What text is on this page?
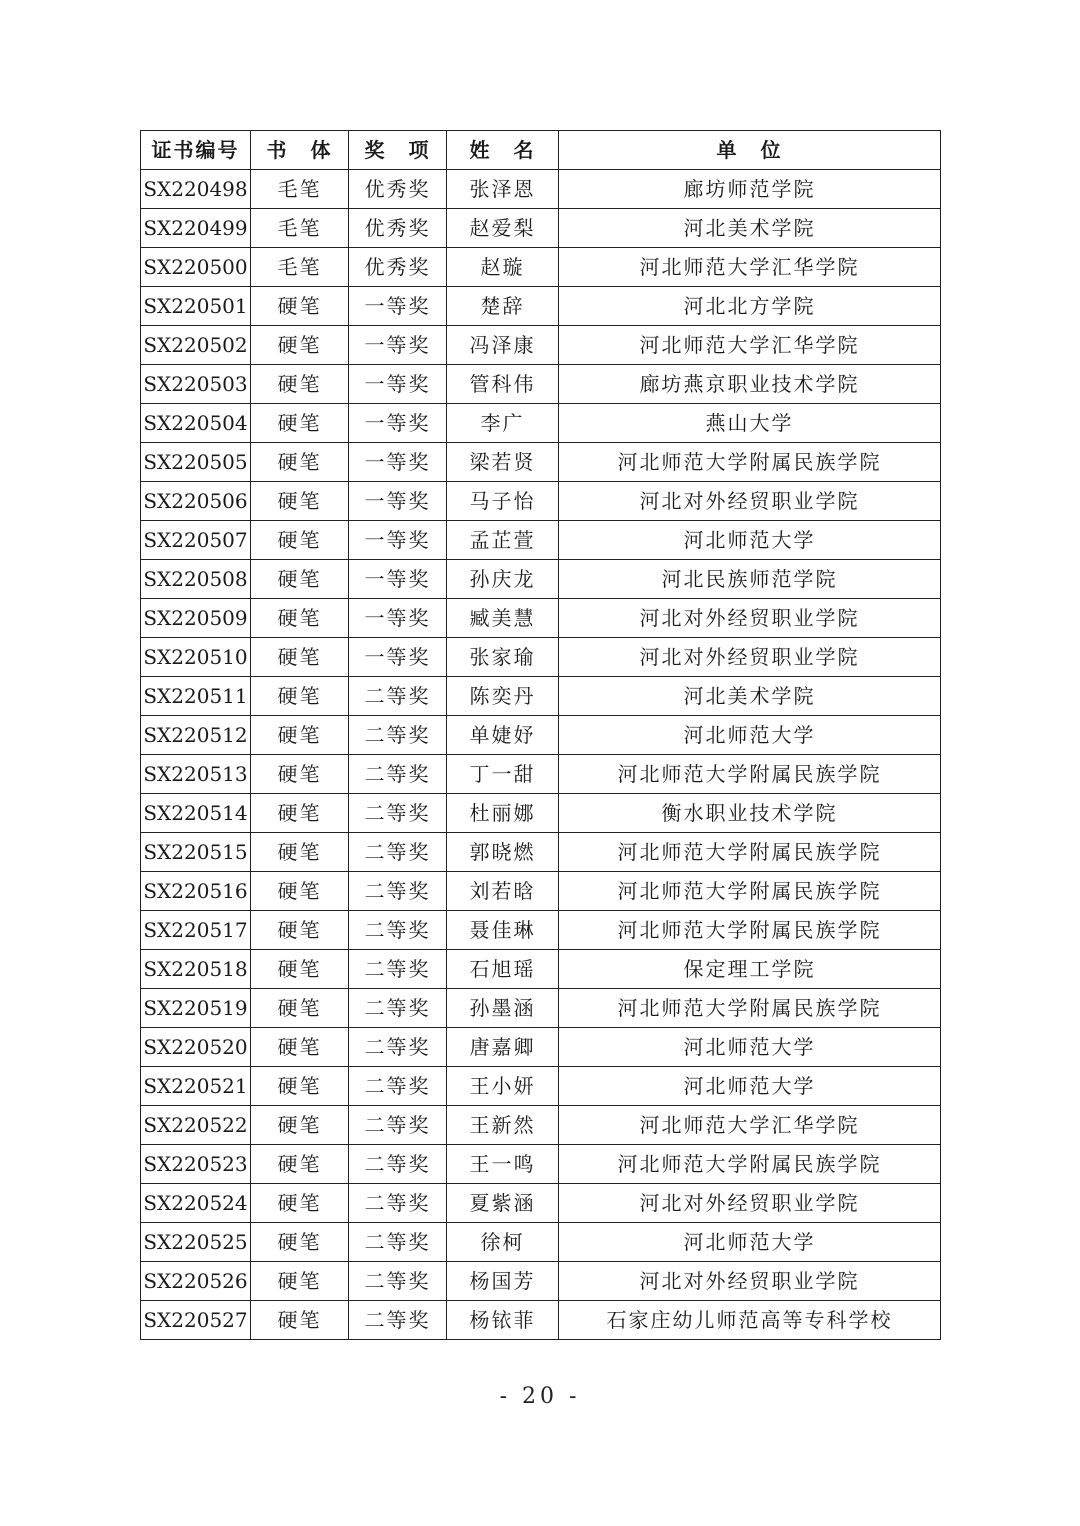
证书编号	书　体	奖　项	姓　名	单　位
SX220498	毛笔	优秀奖	张泽恩	廊坊师范学院
SX220499	毛笔	优秀奖	赵爱梨	河北美术学院
SX220500	毛笔	优秀奖	赵璇	河北师范大学汇华学院
SX220501	硬笔	一等奖	楚辞	河北北方学院
SX220502	硬笔	一等奖	冯泽康	河北师范大学汇华学院
SX220503	硬笔	一等奖	管科伟	廊坊燕京职业技术学院
SX220504	硬笔	一等奖	李广	燕山大学
SX220505	硬笔	一等奖	梁若贤	河北师范大学附属民族学院
SX220506	硬笔	一等奖	马子怡	河北对外经贸职业学院
SX220507	硬笔	一等奖	孟芷萱	河北师范大学
SX220508	硬笔	一等奖	孙庆龙	河北民族师范学院
SX220509	硬笔	一等奖	臧美慧	河北对外经贸职业学院
SX220510	硬笔	一等奖	张家瑜	河北对外经贸职业学院
SX220511	硬笔	二等奖	陈奕丹	河北美术学院
SX220512	硬笔	二等奖	单婕妤	河北师范大学
SX220513	硬笔	二等奖	丁一甜	河北师范大学附属民族学院
SX220514	硬笔	二等奖	杜丽娜	衡水职业技术学院
SX220515	硬笔	二等奖	郭晓燃	河北师范大学附属民族学院
SX220516	硬笔	二等奖	刘若晗	河北师范大学附属民族学院
SX220517	硬笔	二等奖	聂佳琳	河北师范大学附属民族学院
SX220518	硬笔	二等奖	石旭瑶	保定理工学院
SX220519	硬笔	二等奖	孙墨涵	河北师范大学附属民族学院
SX220520	硬笔	二等奖	唐嘉卿	河北师范大学
SX220521	硬笔	二等奖	王小妍	河北师范大学
SX220522	硬笔	二等奖	王新然	河北师范大学汇华学院
SX220523	硬笔	二等奖	王一鸣	河北师范大学附属民族学院
SX220524	硬笔	二等奖	夏紫涵	河北对外经贸职业学院
SX220525	硬笔	二等奖	徐柯	河北师范大学
SX220526	硬笔	二等奖	杨国芳	河北对外经贸职业学院
SX220527	硬笔	二等奖	杨铱菲	石家庄幼儿师范高等专科学校
- 20 -
